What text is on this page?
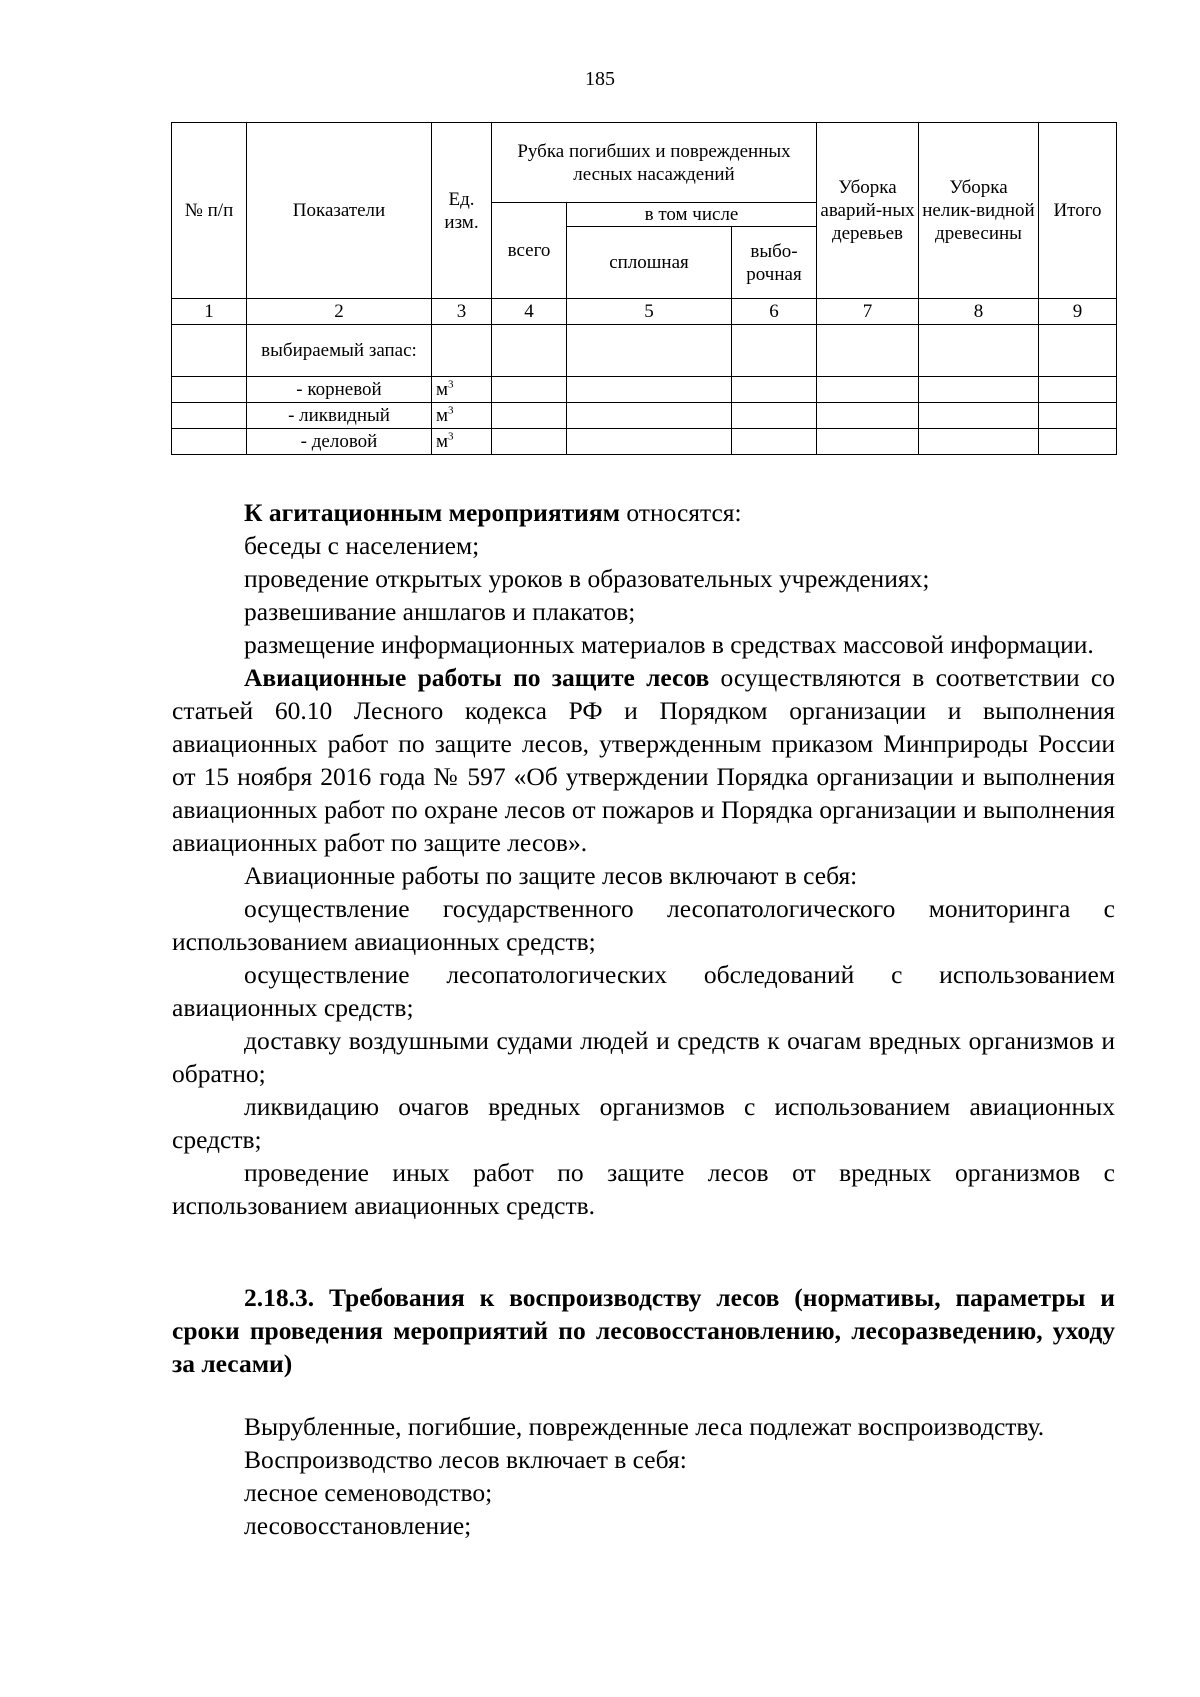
185
№ п/п	Показатели	Ед. изм.	Рубка погибших и поврежденных лесных насаждений			Уборка аварий-ных деревьев	Уборка нелик-видной древесины	Итого
			всего	в том числе				
				сплошная	выбо-рочная			
1	2	3	4	5	6	7	8	9
	выбираемый запас:							
	- корневой	$м^3$						
	- ликвидный	$м^3$						
	- деловой	$м^3$						

К агитационным мероприятиям относятся:

беседы с населением;

проведение открытых уроков в образовательных учреждениях;

развешивание аншлагов и плакатов;

размещение информационных материалов в средствах массовой информации.

Авиационные работы по защите лесов осуществляются в соответствии со статьей 60.10 Лесного кодекса РФ и Порядком организации и выполнения авиационных работ по защите лесов, утвержденным приказом Минприроды России от 15 ноября 2016 года № 597 «Об утверждении Порядка организации и выполнения авиационных работ по охране лесов от пожаров и Порядка организации и выполнения авиационных работ по защите лесов».

Авиационные работы по защите лесов включают в себя:

осуществление государственного лесопатологического мониторинга с использованием авиационных средств;

осуществление лесопатологических обследований с использованием авиационных средств;

доставку воздушными судами людей и средств к очагам вредных организмов и обратно;

ликвидацию очагов вредных организмов с использованием авиационных средств;

проведение иных работ по защите лесов от вредных организмов с использованием авиационных средств.

2.18.3. Требования к воспроизводству лесов (нормативы, параметры и сроки проведения мероприятий по лесовосстановлению, лесоразведению, уходу за лесами)

Вырубленные, погибшие, поврежденные леса подлежат воспроизводству.

Воспроизводство лесов включает в себя:

лесное семеноводство;

лесовосстановление;
